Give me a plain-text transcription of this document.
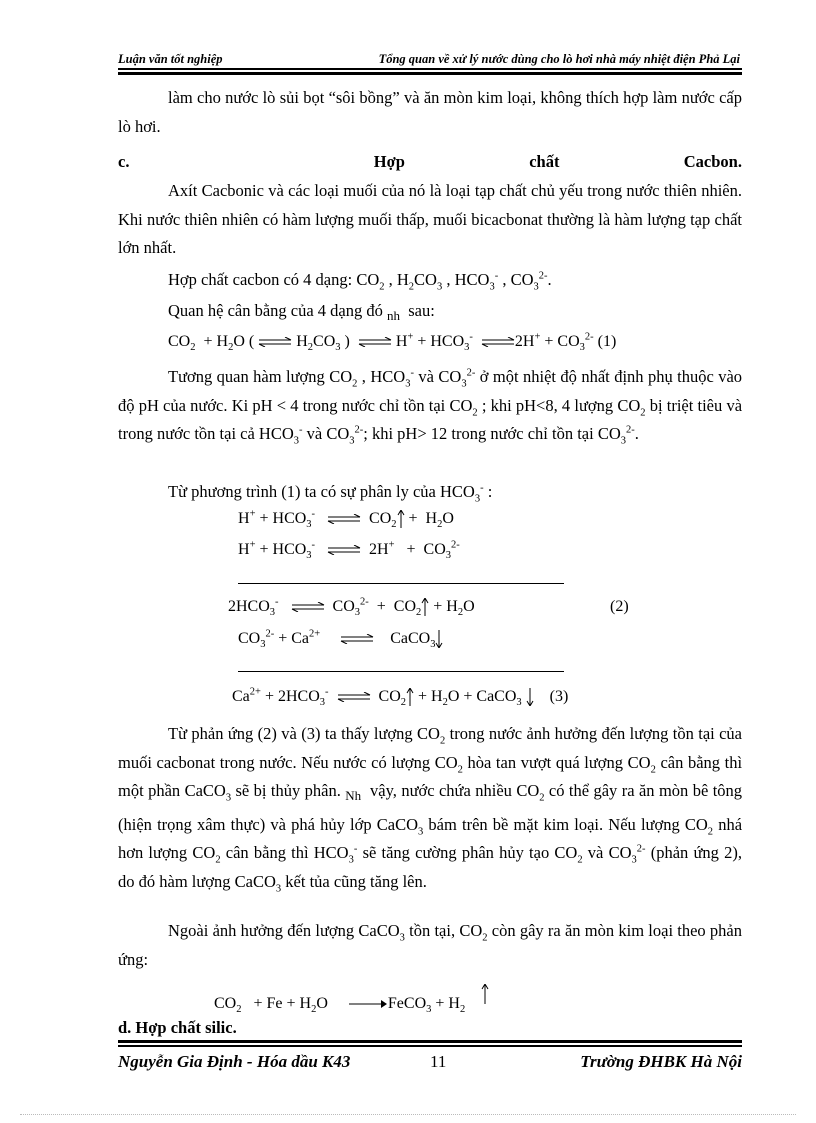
Luận văn tốt nghiệp	Tổng quan về xử lý nước dùng cho lò hơi nhà máy nhiệt điện Phả Lại
làm cho nước lò sủi bọt “sôi bồng” và ăn mòn kim loại, không thích hợp làm nước cấp lò hơi.
c.	Hợp	chất	Cacbon.
Axít Cacbonic và các loại muối của nó là loại tạp chất chủ yếu trong nước thiên nhiên. Khi nước thiên nhiên có hàm lượng muối thấp, muối bicacbonat thường là hàm lượng tạp chất lớn nhất.
Hợp chất cacbon có 4 dạng: $CO_2$ , $H_2CO_3$ , $HCO_3^-$ , $CO_3^{2-}$.
Quan hệ cân bằng của 4 dạng đó $_{nh}$ sau:
$CO_2 + H_2O$ ( ⇌ $H_2CO_3$ ) ⇌ $H^+ + HCO_3^-$ ⇌2H+ + $CO_3^{2-}$ (1)
Tương quan hàm lượng $CO_2$ , $HCO_3^-$ và $CO_3^{2-}$ ở một nhiệt độ nhất định phụ thuộc vào độ pH của nước. Ki pH < 4 trong nước chỉ tồn tại $CO_2$ ; khi pH<8, 4 lượng $CO_2$ bị triệt tiêu và trong nước tồn tại cả $HCO_3^-$ và $CO_3^{2-}$; khi pH> 12 trong nước chỉ tồn tại $CO_3^{2-}$.
Từ phương trình (1) ta có sự phân ly của $HCO_3^-$ :
$H^+ + HCO_3^-$ ⇌ $CO_2 + H_2O$
$H^+ + HCO_3^-$ ⇌ $2H^+ + CO_3^{2-}$
$2HCO_3^-$ ⇌ $CO_3^{2-} + CO_2 + H_2O$	(2)
$CO_3^{2-} + Ca^{2+}$ ⇌ CaCO$_3$
$Ca^{2+} + 2HCO_3^-$ ⇌ $CO_2 + H_2O$ + CaCO$_3$ (3)
Từ phản ứng (2) và (3) ta thấy lượng $CO_2$ trong nước ảnh hưởng đến lượng tồn tại của muối cacbonat trong nước. Nếu nước có lượng $CO_2$ hòa tan vượt quá lượng $CO_2$ cân bằng thì một phần CaCO$_3$ sẽ bị thủy phân. $_{Nh}$ vậy, nước chứa nhiều $CO_2$ có thể gây ra ăn mòn bê tông (hiện trọng xâm thực) và phá hủy lớp CaCO$_3$ bám trên bề mặt kim loại. Nếu lượng $CO_2$ nhá hơn lượng $CO_2$ cân bằng thì $HCO_3^-$ sẽ tăng cường phân hủy tạo $CO_2$ và $CO_3^{2-}$ (phản ứng 2), do đó hàm lượng CaCO$_3$ kết tủa cũng tăng lên.
Ngoài ảnh hưởng đến lượng CaCO$_3$ tồn tại, $CO_2$ còn gây ra ăn mòn kim loại theo phản ứng:
$CO_2 + Fe + H_2O$ →FeCO$_3$ + $H_2$
d. Hợp chất silic.
Nguyễn Gia Định - Hóa dầu K43	11	Trường ĐHBK Hà Nội
